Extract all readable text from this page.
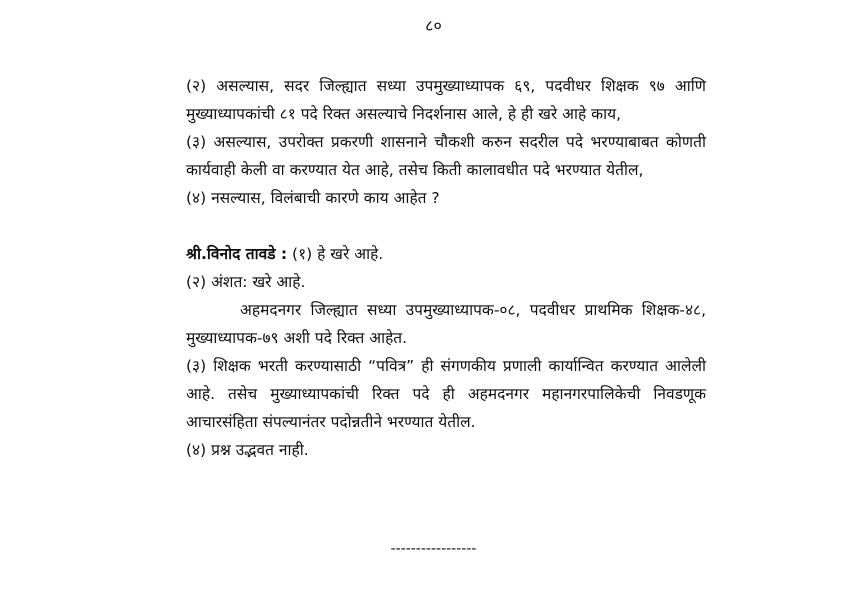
८०

(२) असल्यास, सदर जिल्ह्यात सध्या उपमुख्याध्यापक ६९, पदवीधर शिक्षक ९७ आणि मुख्याध्यापकांची ८१ पदे रिक्त असल्याचे निदर्शनास आले, हे ही खरे आहे काय,

(३) असल्यास, उपरोक्त प्रकरणी शासनाने चौकशी करुन सदरील पदे भरण्याबाबत कोणती कार्यवाही केली वा करण्यात येत आहे, तसेच किती कालावधीत पदे भरण्यात येतील,

(४) नसल्यास, विलंबाची कारणे काय आहेत ?

श्री.विनोद तावडे : (१) हे खरे आहे.

(२) अंशत: खरे आहे.

अहमदनगर जिल्ह्यात सध्या उपमुख्याध्यापक-०८, पदवीधर प्राथमिक शिक्षक-४८, मुख्याध्यापक-७९ अशी पदे रिक्त आहेत.

(३) शिक्षक भरती करण्यासाठी “पवित्र” ही संगणकीय प्रणाली कार्यान्वित करण्यात आलेली आहे. तसेच मुख्याध्यापकांची रिक्त पदे ही अहमदनगर महानगरपालिकेची निवडणूक आचारसंहिता संपल्यानंतर पदोन्नतीने भरण्यात येतील.

(४) प्रश्न उद्भवत नाही.

-----------------
